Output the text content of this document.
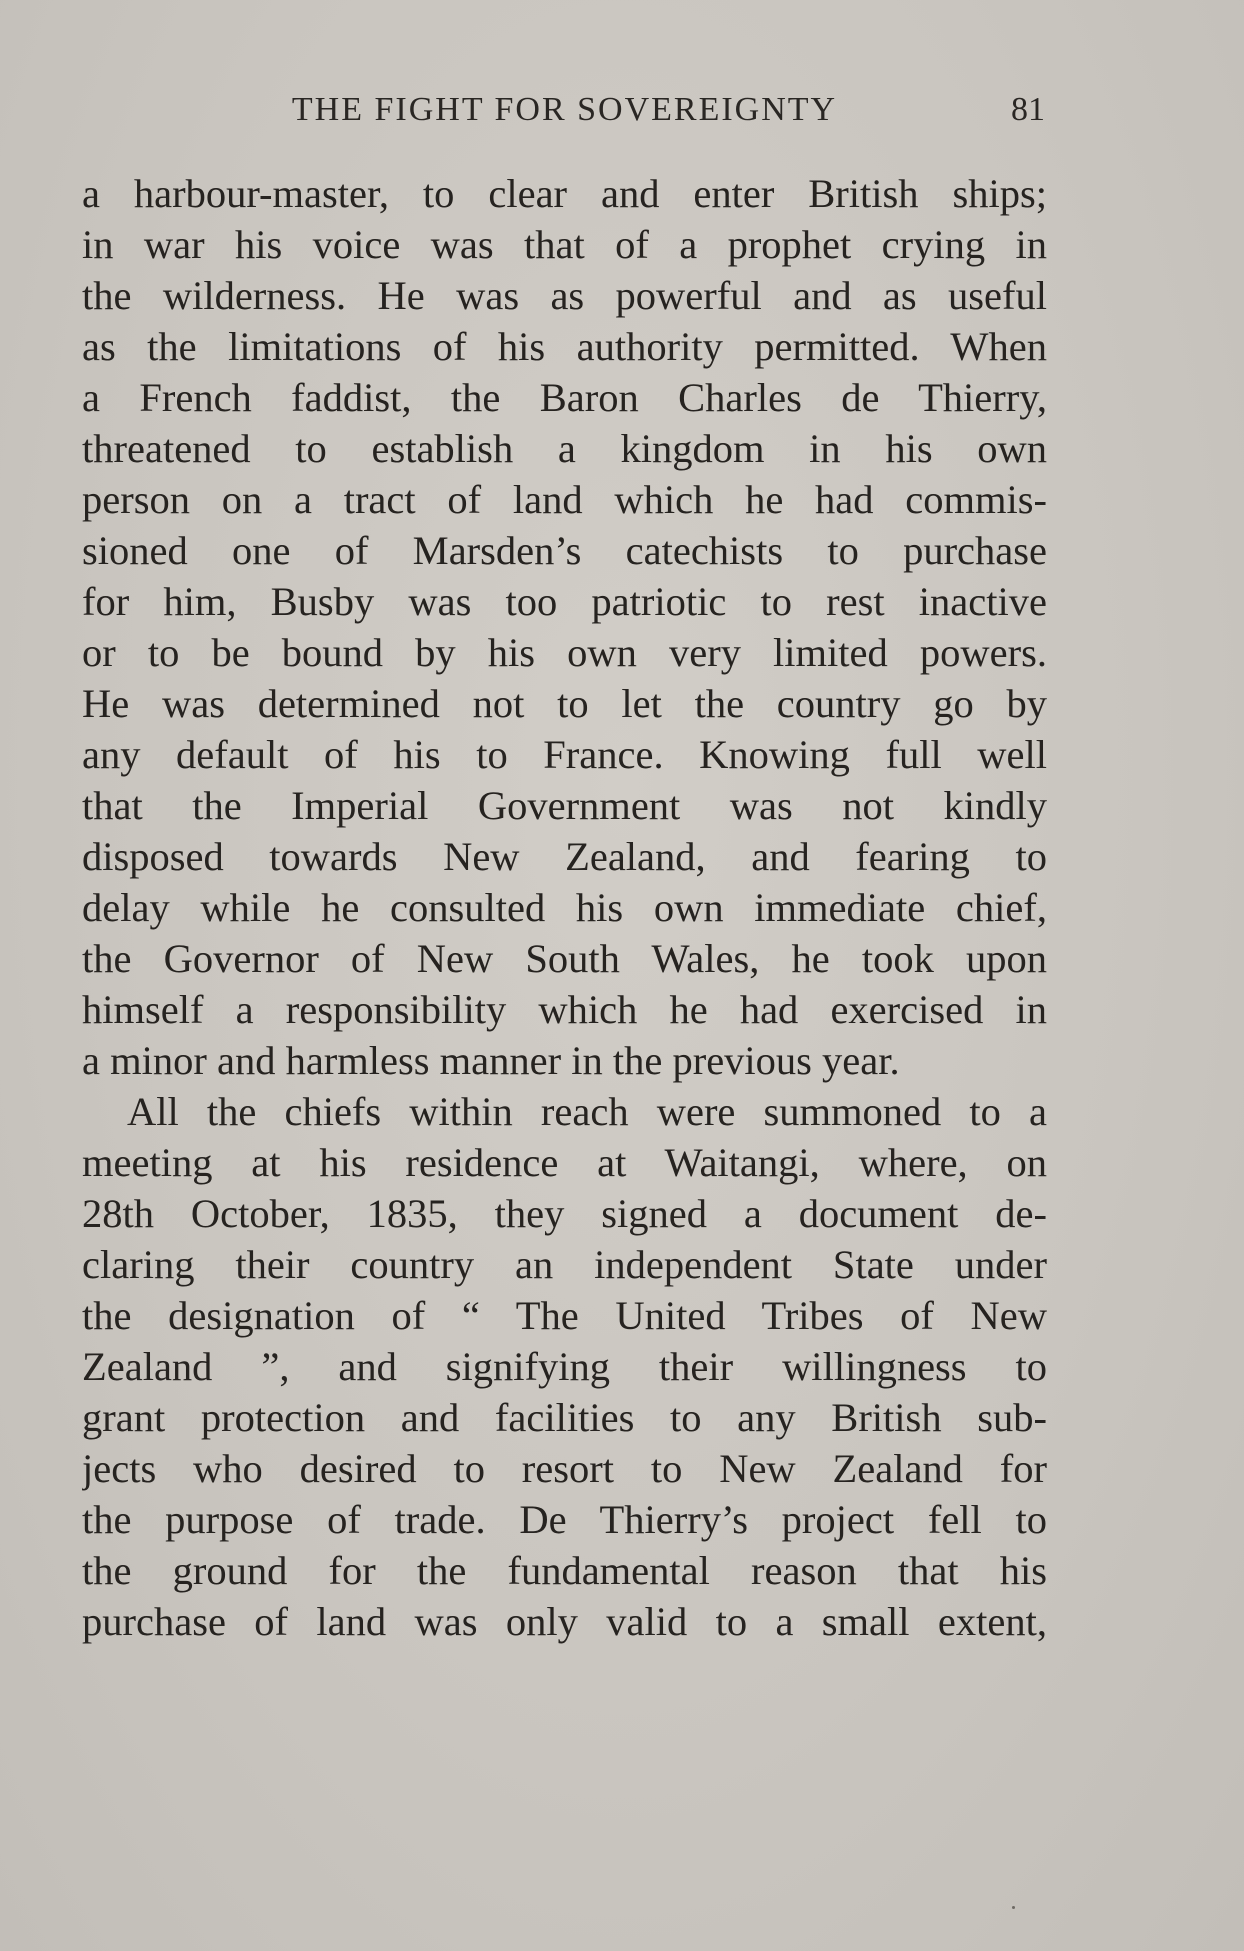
THE FIGHT FOR SOVEREIGNTY	81
a harbour-master, to clear and enter British ships;
in war his voice was that of a prophet crying in
the wilderness. He was as powerful and as useful
as the limitations of his authority permitted. When
a French faddist, the Baron Charles de Thierry,
threatened to establish a kingdom in his own
person on a tract of land which he had commis-
sioned one of Marsden’s catechists to purchase
for him, Busby was too patriotic to rest inactive
or to be bound by his own very limited powers.
He was determined not to let the country go by
any default of his to France. Knowing full well
that the Imperial Government was not kindly
disposed towards New Zealand, and fearing to
delay while he consulted his own immediate chief,
the Governor of New South Wales, he took upon
himself a responsibility which he had exercised in
a minor and harmless manner in the previous year.
All the chiefs within reach were summoned to a
meeting at his residence at Waitangi, where, on
28th October, 1835, they signed a document de-
claring their country an independent State under
the designation of “ The United Tribes of New
Zealand ”, and signifying their willingness to
grant protection and facilities to any British sub-
jects who desired to resort to New Zealand for
the purpose of trade. De Thierry’s project fell to
the ground for the fundamental reason that his
purchase of land was only valid to a small extent,
